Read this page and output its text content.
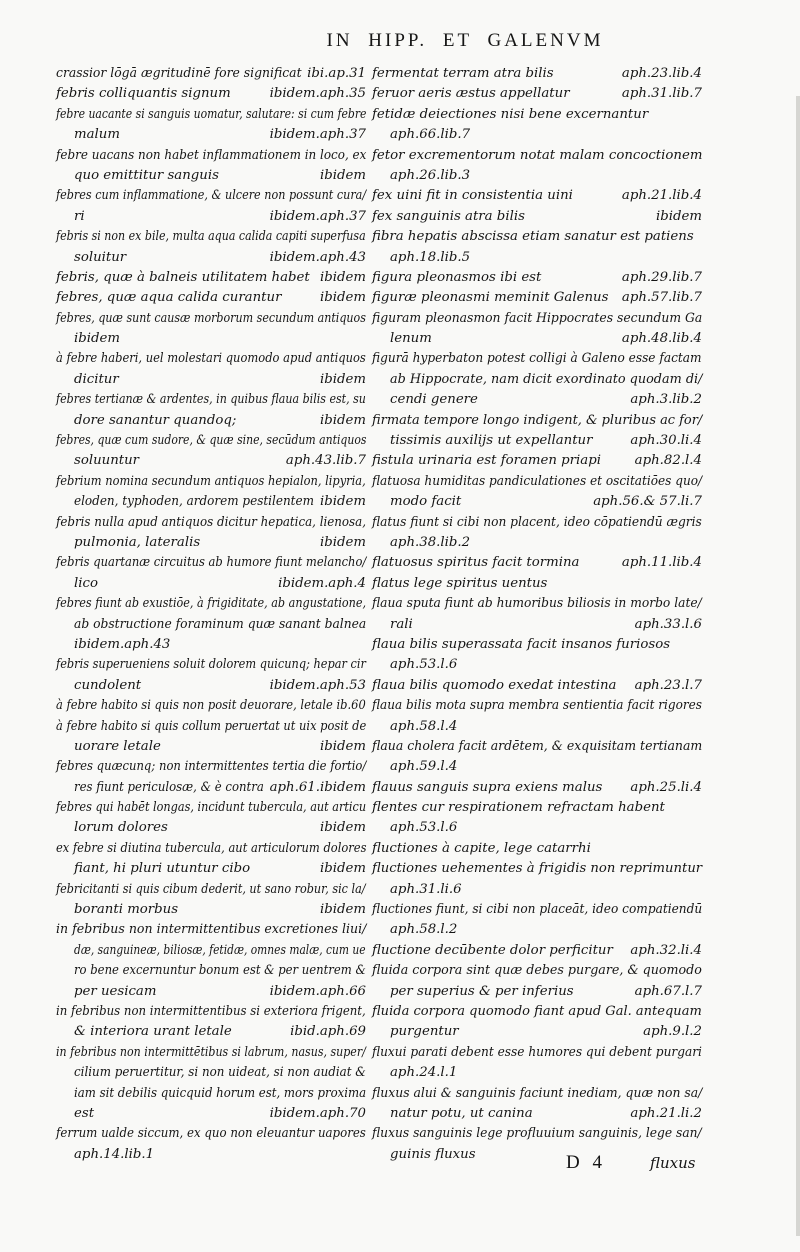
IN HIPP. ET GALENVM
crassior lōgā ægritudinē fore significat ibi.ap.31
febris colliquantis signum	ibidem.aph.35
febre uacante si sanguis uomatur, salutare: si cum febre
malum	ibidem.aph.37
febre uacans non habet inflammationem in loco, ex
quo emittitur sanguis	ibidem
febres cum inflammatione, & ulcere non possunt cura/
ri	ibidem.aph.37
febris si non ex bile, multa aqua calida capiti superfusa
soluitur	ibidem.aph.43
febris, quæ à balneis utilitatem habet ibidem
febres, quæ aqua calida curantur	ibidem
febres, quæ sunt causæ morborum secundum antiquos
ibidem
à febre haberi, uel molestari quomodo apud antiquos
dicitur	ibidem
febres tertianæ & ardentes, in quibus flaua bilis est, su
dore sanantur quandoq;	ibidem
febres, quæ cum sudore, & quæ sine, secūdum antiquos
soluuntur	aph.43.lib.7
febrium nomina secundum antiquos hepialon, lipyria,
eloden, typhoden, ardorem pestilentem ibidem
febris nulla apud antiquos dicitur hepatica, lienosa,
pulmonia, lateralis	ibidem
febris quartanæ circuitus ab humore fiunt melancho/
lico	ibidem.aph.4
febres fiunt ab exustiōe, à frigiditate, ab angustatione,
ab obstructione foraminum quæ sanant balnea
ibidem.aph.43
febris superueniens soluit dolorem quicunq; hepar cir
cundolent	ibidem.aph.53
à febre habito si quis non posit deuorare, letale ib.60
à febre habito si quis collum peruertat ut uix posit de
uorare letale	ibidem
febres quæcunq; non intermittentes tertia die fortio/
res fiunt periculosæ, & è contra aph.61.ibidem
febres qui habēt longas, incidunt tubercula, aut articu
lorum dolores	ibidem
ex febre si diutina tubercula, aut articulorum dolores
fiant, hi pluri utuntur cibo	ibidem
febricitanti si quis cibum dederit, ut sano robur, sic la/
boranti morbus	ibidem
in febribus non intermittentibus excretiones liui/
dæ, sanguineæ, biliosæ, fetidæ, omnes malæ, cum ue
ro bene excernuntur bonum est & per uentrem &
per uesicam	ibidem.aph.66
in febribus non intermittentibus si exteriora frigent,
& interiora urant letale	ibid.aph.69
in febribus non intermittētibus si labrum, nasus, super/
cilium peruertitur, si non uideat, si non audiat &
iam sit debilis quicquid horum est, mors proxima
est	ibidem.aph.70
ferrum ualde siccum, ex quo non eleuantur uapores
aph.14.lib.1
fermentat terram atra bilis	aph.23.lib.4
feruor aeris æstus appellatur	aph.31.lib.7
fetidæ deiectiones nisi bene excernantur
aph.66.lib.7
fetor excrementorum notat malam concoctionem
aph.26.lib.3
fex uini fit in consistentia uini	aph.21.lib.4
fex sanguinis atra bilis	ibidem
fibra hepatis abscissa etiam sanatur est patiens
aph.18.lib.5
figura pleonasmos ibi est	aph.29.lib.7
figuræ pleonasmi meminit Galenus aph.57.lib.7
figuram pleonasmon facit Hippocrates secundum Ga
lenum	aph.48.lib.4
figurā hyperbaton potest colligi à Galeno esse factam
ab Hippocrate, nam dicit exordinato quodam di/
cendi genere	aph.3.lib.2
firmata tempore longo indigent, & pluribus ac for/
tissimis auxilijs ut expellantur	aph.30.li.4
fistula urinaria est foramen priapi	aph.82.l.4
flatuosa humiditas pandiculationes et oscitatiōes quo/
modo facit	aph.56.& 57.li.7
flatus fiunt si cibi non placent, ideo cōpatiendū ægris
aph.38.lib.2
flatuosus spiritus facit tormina	aph.11.lib.4
flatus lege spiritus uentus
flaua sputa fiunt ab humoribus biliosis in morbo late/
rali	aph.33.l.6
flaua bilis superassata facit insanos furiosos
aph.53.l.6
flaua bilis quomodo exedat intestina aph.23.l.7
flaua bilis mota supra membra sentientia facit rigores
aph.58.l.4
flaua cholera facit ardētem, & exquisitam tertianam
aph.59.l.4
flauus sanguis supra exiens malus aph.25.li.4
flentes cur respirationem refractam habent
aph.53.l.6
fluctiones à capite, lege catarrhi
fluctiones uehementes à frigidis non reprimuntur
aph.31.li.6
fluctiones fiunt, si cibi non placeāt, ideo compatiendū
aph.58.l.2
fluctione decūbente dolor perficitur aph.32.li.4
fluida corpora sint quæ debes purgare, & quomodo
per superius & per inferius	aph.67.l.7
fluida corpora quomodo fiant apud Gal. antequam
purgentur	aph.9.l.2
fluxui parati debent esse humores qui debent purgari
aph.24.l.1
fluxus alui & sanguinis faciunt inediam, quæ non sa/
natur potu, ut canina	aph.21.li.2
fluxus sanguinis lege profluuium sanguinis, lege san/
guinis fluxus	D 4	fluxus
